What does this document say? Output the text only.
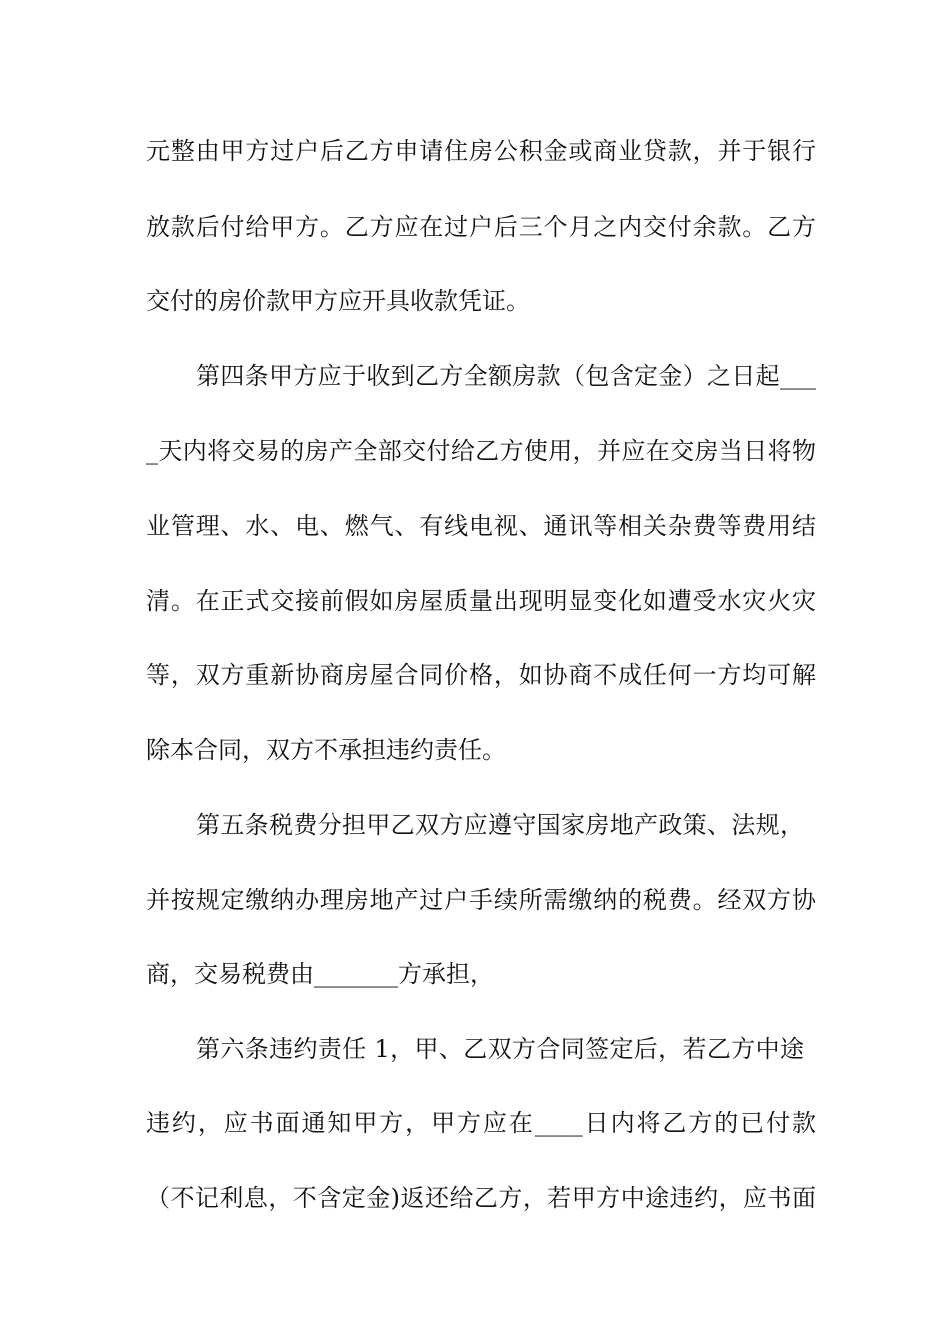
元整由甲方过户后乙方申请住房公积金或商业贷款，并于银行
放款后付给甲方。乙方应在过户后三个月之内交付余款。乙方
交付的房价款甲方应开具收款凭证。
第四条甲方应于收到乙方全额房款（包含定金）之日起___
_天内将交易的房产全部交付给乙方使用，并应在交房当日将物
业管理、水、电、燃气、有线电视、通讯等相关杂费等费用结
清。在正式交接前假如房屋质量出现明显变化如遭受水灾火灾
等，双方重新协商房屋合同价格，如协商不成任何一方均可解
除本合同，双方不承担违约责任。
第五条税费分担甲乙双方应遵守国家房地产政策、法规，
并按规定缴纳办理房地产过户手续所需缴纳的税费。经双方协
商，交易税费由_______方承担，
第六条违约责任 1，甲、乙双方合同签定后，若乙方中途
违约，应书面通知甲方，甲方应在____日内将乙方的已付款
（不记利息，不含定金)返还给乙方，若甲方中途违约，应书面
